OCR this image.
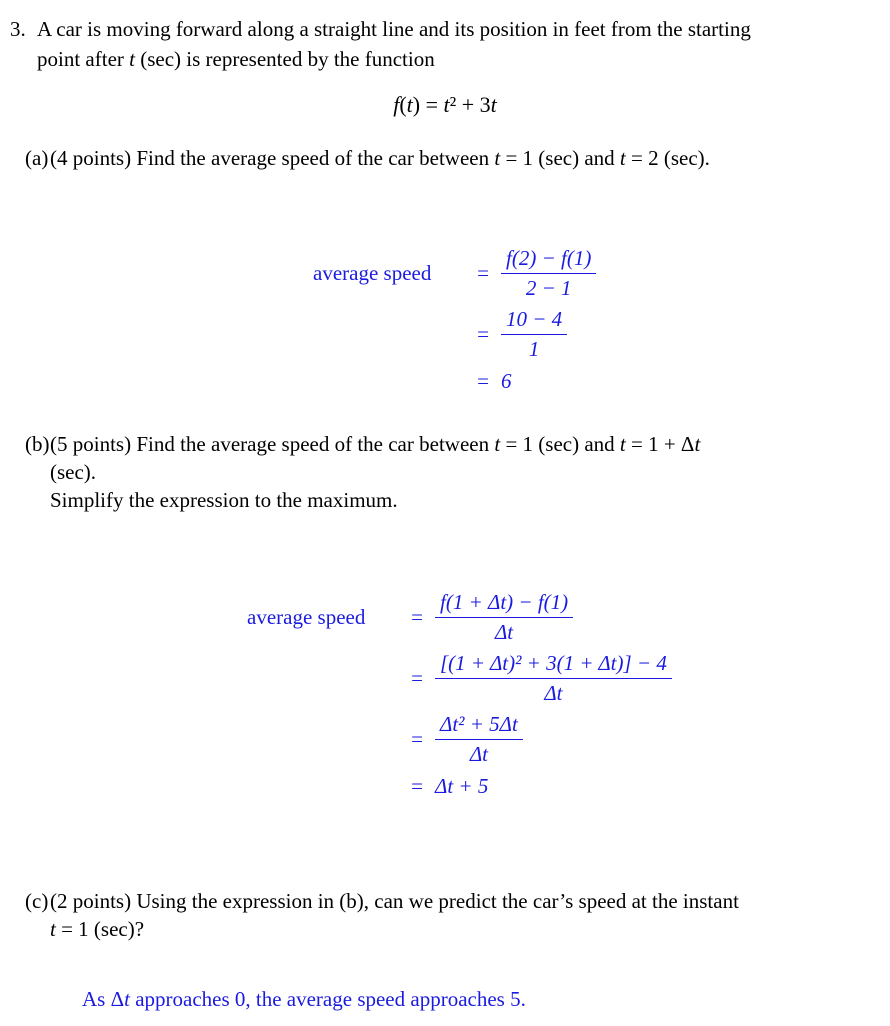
3. A car is moving forward along a straight line and its position in feet from the starting
point after t (sec) is represented by the function
f(t) = t² + 3t
(a) (4 points) Find the average speed of the car between t = 1 (sec) and t = 2 (sec).
average speed	= $\frac{f(2) - f(1)}{2 - 1}$
= $\frac{10 - 4}{1}$
= 6
(b) (5 points) Find the average speed of the car between t = 1 (sec) and t = 1 + Δt
(sec).
Simplify the expression to the maximum.
average speed	= $\frac{f(1 + \Delta t) - f(1)}{\Delta t}$
= $\frac{\text{[(1 + Δt)² + 3(1 + Δt)] − 4}}{\Delta t}$
= $\frac{\text{Δt² + 5Δt}}{\Delta t}$
= Δt + 5
(c) (2 points) Using the expression in (b), can we predict the car’s speed at the instant
t = 1 (sec)?
As Δt approaches 0, the average speed approaches 5.
